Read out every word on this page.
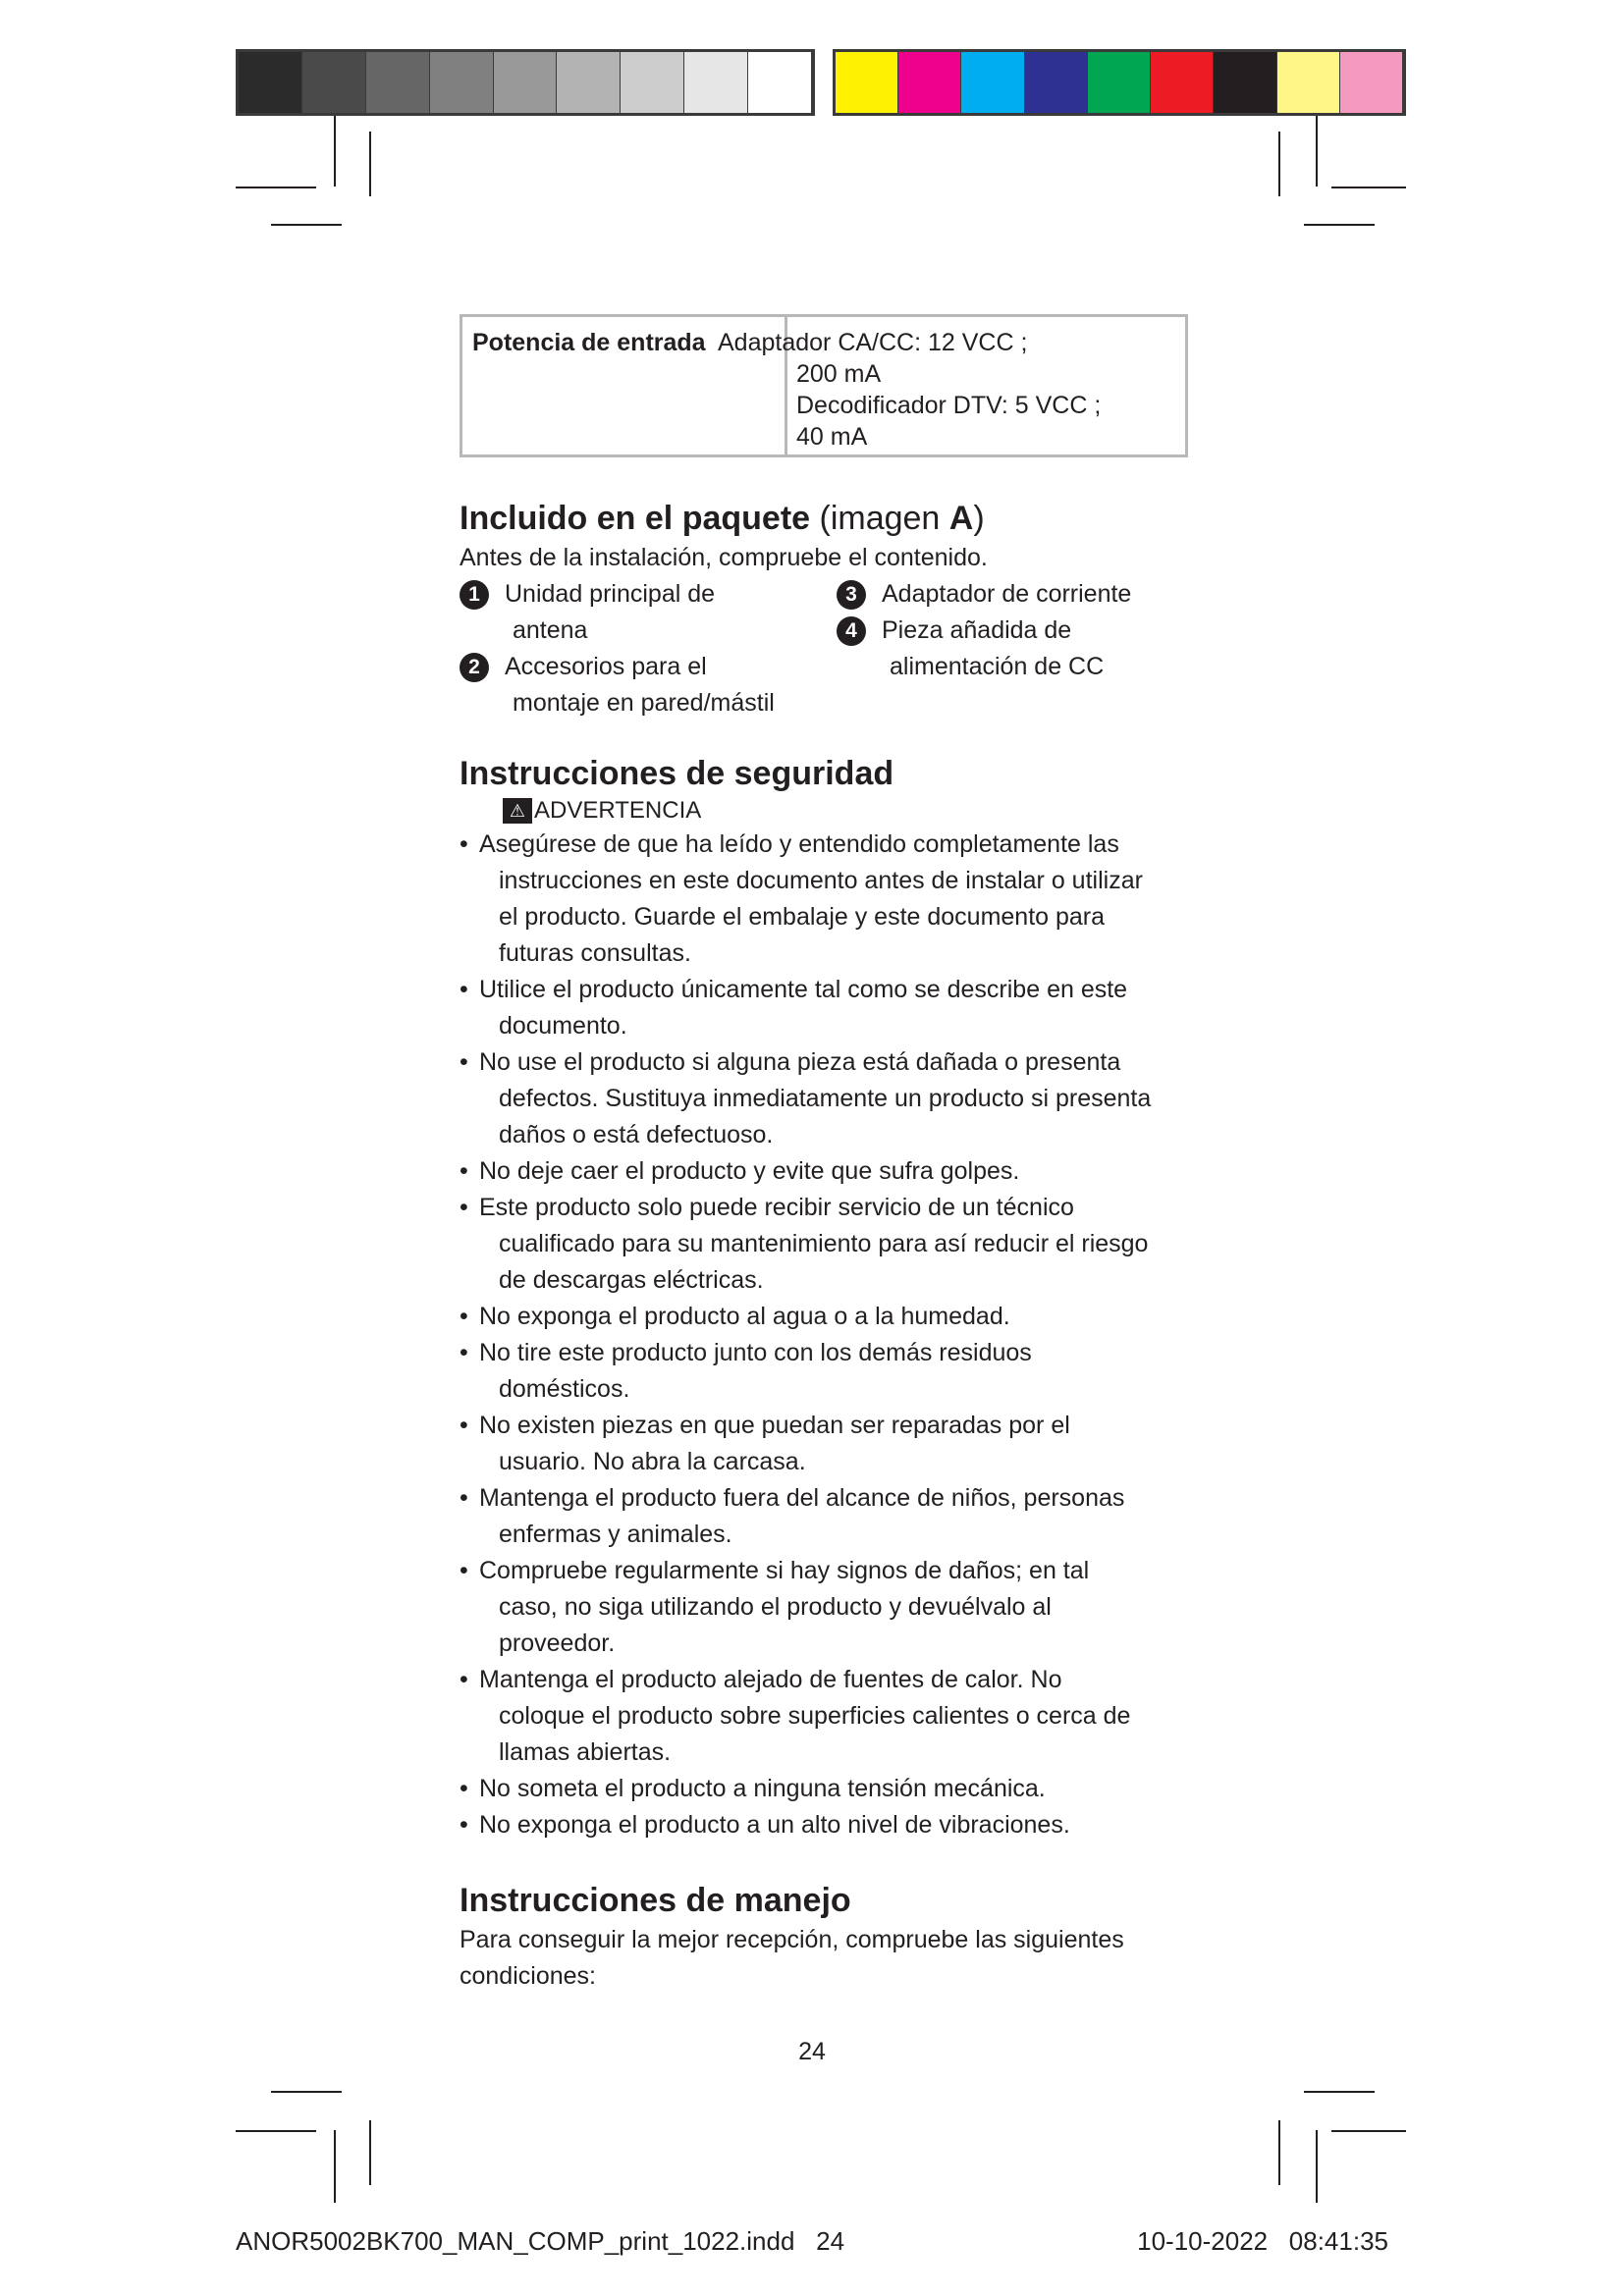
Potencia de entrada Adaptador CA/CC: 12 VCC ;
200 mA
Decodificador DTV: 5 VCC ;
40 mA
Incluido en el paquete (imagen A)

Antes de la instalación, compruebe el contenido.

1	Unidad principal de
antena
2	Accesorios para el
montaje en pared/mástil
3	Adaptador de corriente
4	Pieza añadida de
alimentación de CC
Instrucciones de seguridad
⚠ ADVERTENCIA
• Asegúrese de que ha leído y entendido completamente las
instrucciones en este documento antes de instalar o utilizar
el producto. Guarde el embalaje y este documento para
futuras consultas.
• Utilice el producto únicamente tal como se describe en este
documento.
• No use el producto si alguna pieza está dañada o presenta
defectos. Sustituya inmediatamente un producto si presenta
daños o está defectuoso.
• No deje caer el producto y evite que sufra golpes.
• Este producto solo puede recibir servicio de un técnico
cualificado para su mantenimiento para así reducir el riesgo
de descargas eléctricas.
• No exponga el producto al agua o a la humedad.
• No tire este producto junto con los demás residuos
domésticos.
• No existen piezas en que puedan ser reparadas por el
usuario. No abra la carcasa.
• Mantenga el producto fuera del alcance de niños, personas
enfermas y animales.
• Compruebe regularmente si hay signos de daños; en tal
caso, no siga utilizando el producto y devuélvalo al
proveedor.
• Mantenga el producto alejado de fuentes de calor. No
coloque el producto sobre superficies calientes o cerca de
llamas abiertas.
• No someta el producto a ninguna tensión mecánica.
• No exponga el producto a un alto nivel de vibraciones.
Instrucciones de manejo

Para conseguir la mejor recepción, compruebe las siguientes

condiciones:

24
ANOR5002BK700_MAN_COMP_print_1022.indd   24	10-10-2022   08:41:35
